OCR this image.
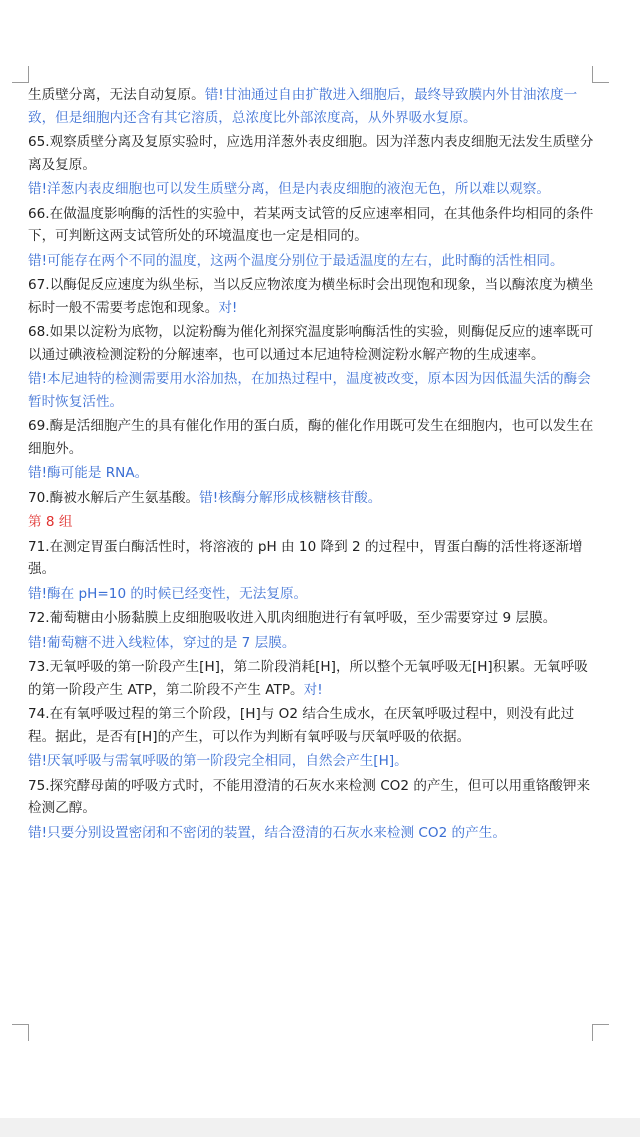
生质壁分离，无法自动复原。错!甘油通过自由扩散进入细胞后，最终导致膜内外甘油浓度一致，但是细胞内还含有其它溶质，总浓度比外部浓度高，从外界吸水复原。

65.观察质壁分离及复原实验时，应选用洋葱外表皮细胞。因为洋葱内表皮细胞无法发生质壁分离及复原。

错!洋葱内表皮细胞也可以发生质壁分离，但是内表皮细胞的液泡无色，所以难以观察。

66.在做温度影响酶的活性的实验中，若某两支试管的反应速率相同，在其他条件均相同的条件下，可判断这两支试管所处的环境温度也一定是相同的。

错!可能存在两个不同的温度，这两个温度分别位于最适温度的左右，此时酶的活性相同。

67.以酶促反应速度为纵坐标，当以反应物浓度为横坐标时会出现饱和现象，当以酶浓度为横坐标时一般不需要考虑饱和现象。对!

68.如果以淀粉为底物，以淀粉酶为催化剂探究温度影响酶活性的实验，则酶促反应的速率既可以通过碘液检测淀粉的分解速率，也可以通过本尼迪特检测淀粉水解产物的生成速率。

错!本尼迪特的检测需要用水浴加热，在加热过程中，温度被改变，原本因为因低温失活的酶会暂时恢复活性。

69.酶是活细胞产生的具有催化作用的蛋白质，酶的催化作用既可发生在细胞内，也可以发生在细胞外。

错!酶可能是 RNA。

70.酶被水解后产生氨基酸。错!核酶分解形成核糖核苷酸。

第 8 组

71.在测定胃蛋白酶活性时，将溶液的 pH 由 10 降到 2 的过程中，胃蛋白酶的活性将逐渐增强。

错!酶在 pH=10 的时候已经变性，无法复原。

72.葡萄糖由小肠黏膜上皮细胞吸收进入肌肉细胞进行有氧呼吸，至少需要穿过 9 层膜。

错!葡萄糖不进入线粒体，穿过的是 7 层膜。

73.无氧呼吸的第一阶段产生[H]，第二阶段消耗[H]，所以整个无氧呼吸无[H]积累。无氧呼吸的第一阶段产生 ATP，第二阶段不产生 ATP。对!

74.在有氧呼吸过程的第三个阶段，[H]与 O2 结合生成水，在厌氧呼吸过程中，则没有此过程。据此，是否有[H]的产生，可以作为判断有氧呼吸与厌氧呼吸的依据。

错!厌氧呼吸与需氧呼吸的第一阶段完全相同，自然会产生[H]。

75.探究酵母菌的呼吸方式时，不能用澄清的石灰水来检测 CO2 的产生，但可以用重铬酸钾来检测乙醇。

错!只要分别设置密闭和不密闭的装置，结合澄清的石灰水来检测 CO2 的产生。
